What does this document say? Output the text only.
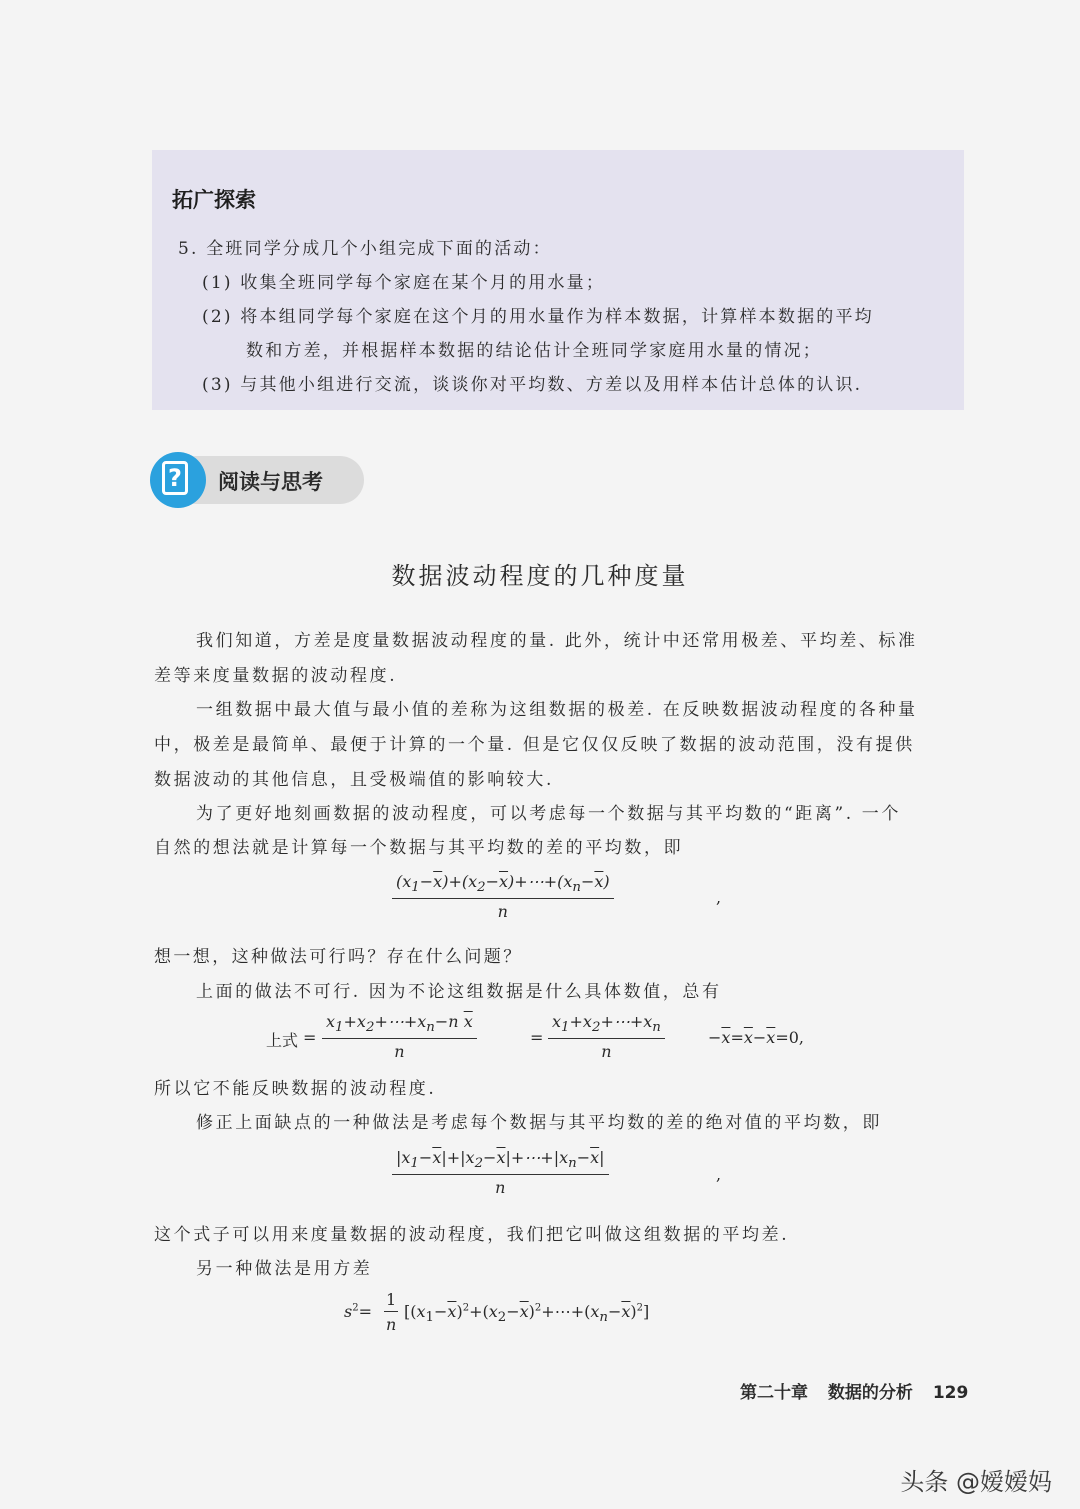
拓广探索
5. 全班同学分成几个小组完成下面的活动：
(1) 收集全班同学每个家庭在某个月的用水量；
(2) 将本组同学每个家庭在这个月的用水量作为样本数据，计算样本数据的平均
数和方差，并根据样本数据的结论估计全班同学家庭用水量的情况；
(3) 与其他小组进行交流，谈谈你对平均数、方差以及用样本估计总体的认识.
? 阅读与思考
数据波动程度的几种度量
我们知道，方差是度量数据波动程度的量. 此外，统计中还常用极差、平均差、标准
差等来度量数据的波动程度.
一组数据中最大值与最小值的差称为这组数据的极差. 在反映数据波动程度的各种量
中，极差是最简单、最便于计算的一个量. 但是它仅仅反映了数据的波动范围，没有提供
数据波动的其他信息，且受极端值的影响较大.
为了更好地刻画数据的波动程度，可以考虑每一个数据与其平均数的“距离”. 一个
自然的想法就是计算每一个数据与其平均数的差的平均数，即
$\frac{(x_1-\overline{x})+(x_2-\overline{x})+\cdots+(x_n-\overline{x})}{n}$	,
想一想，这种做法可行吗？存在什么问题？
上面的做法不可行. 因为不论这组数据是什么具体数值，总有
上式 = $\frac{x_1+x_2+\cdots+x_n-n \overline{x}}{n}$	= $\frac{x_1+x_2+\cdots+x_n}{n}$	$-\overline{x}=\overline{x}-\overline{x}=0$,
所以它不能反映数据的波动程度.
修正上面缺点的一种做法是考虑每个数据与其平均数的差的绝对值的平均数，即
$\frac{|x_1-\overline{x}|+|x_2-\overline{x}|+\cdots+|x_n-\overline{x}|}{n}$	,
这个式子可以用来度量数据的波动程度，我们把它叫做这组数据的平均差.
另一种做法是用方差
$s^2= \frac{1}{n}$ $[(x_1-\overline{x})^2+(x_2-\overline{x})^2+\cdots+(x_n-\overline{x})^2]$
第二十章 数据的分析 129
头条 @嫒嫒妈
